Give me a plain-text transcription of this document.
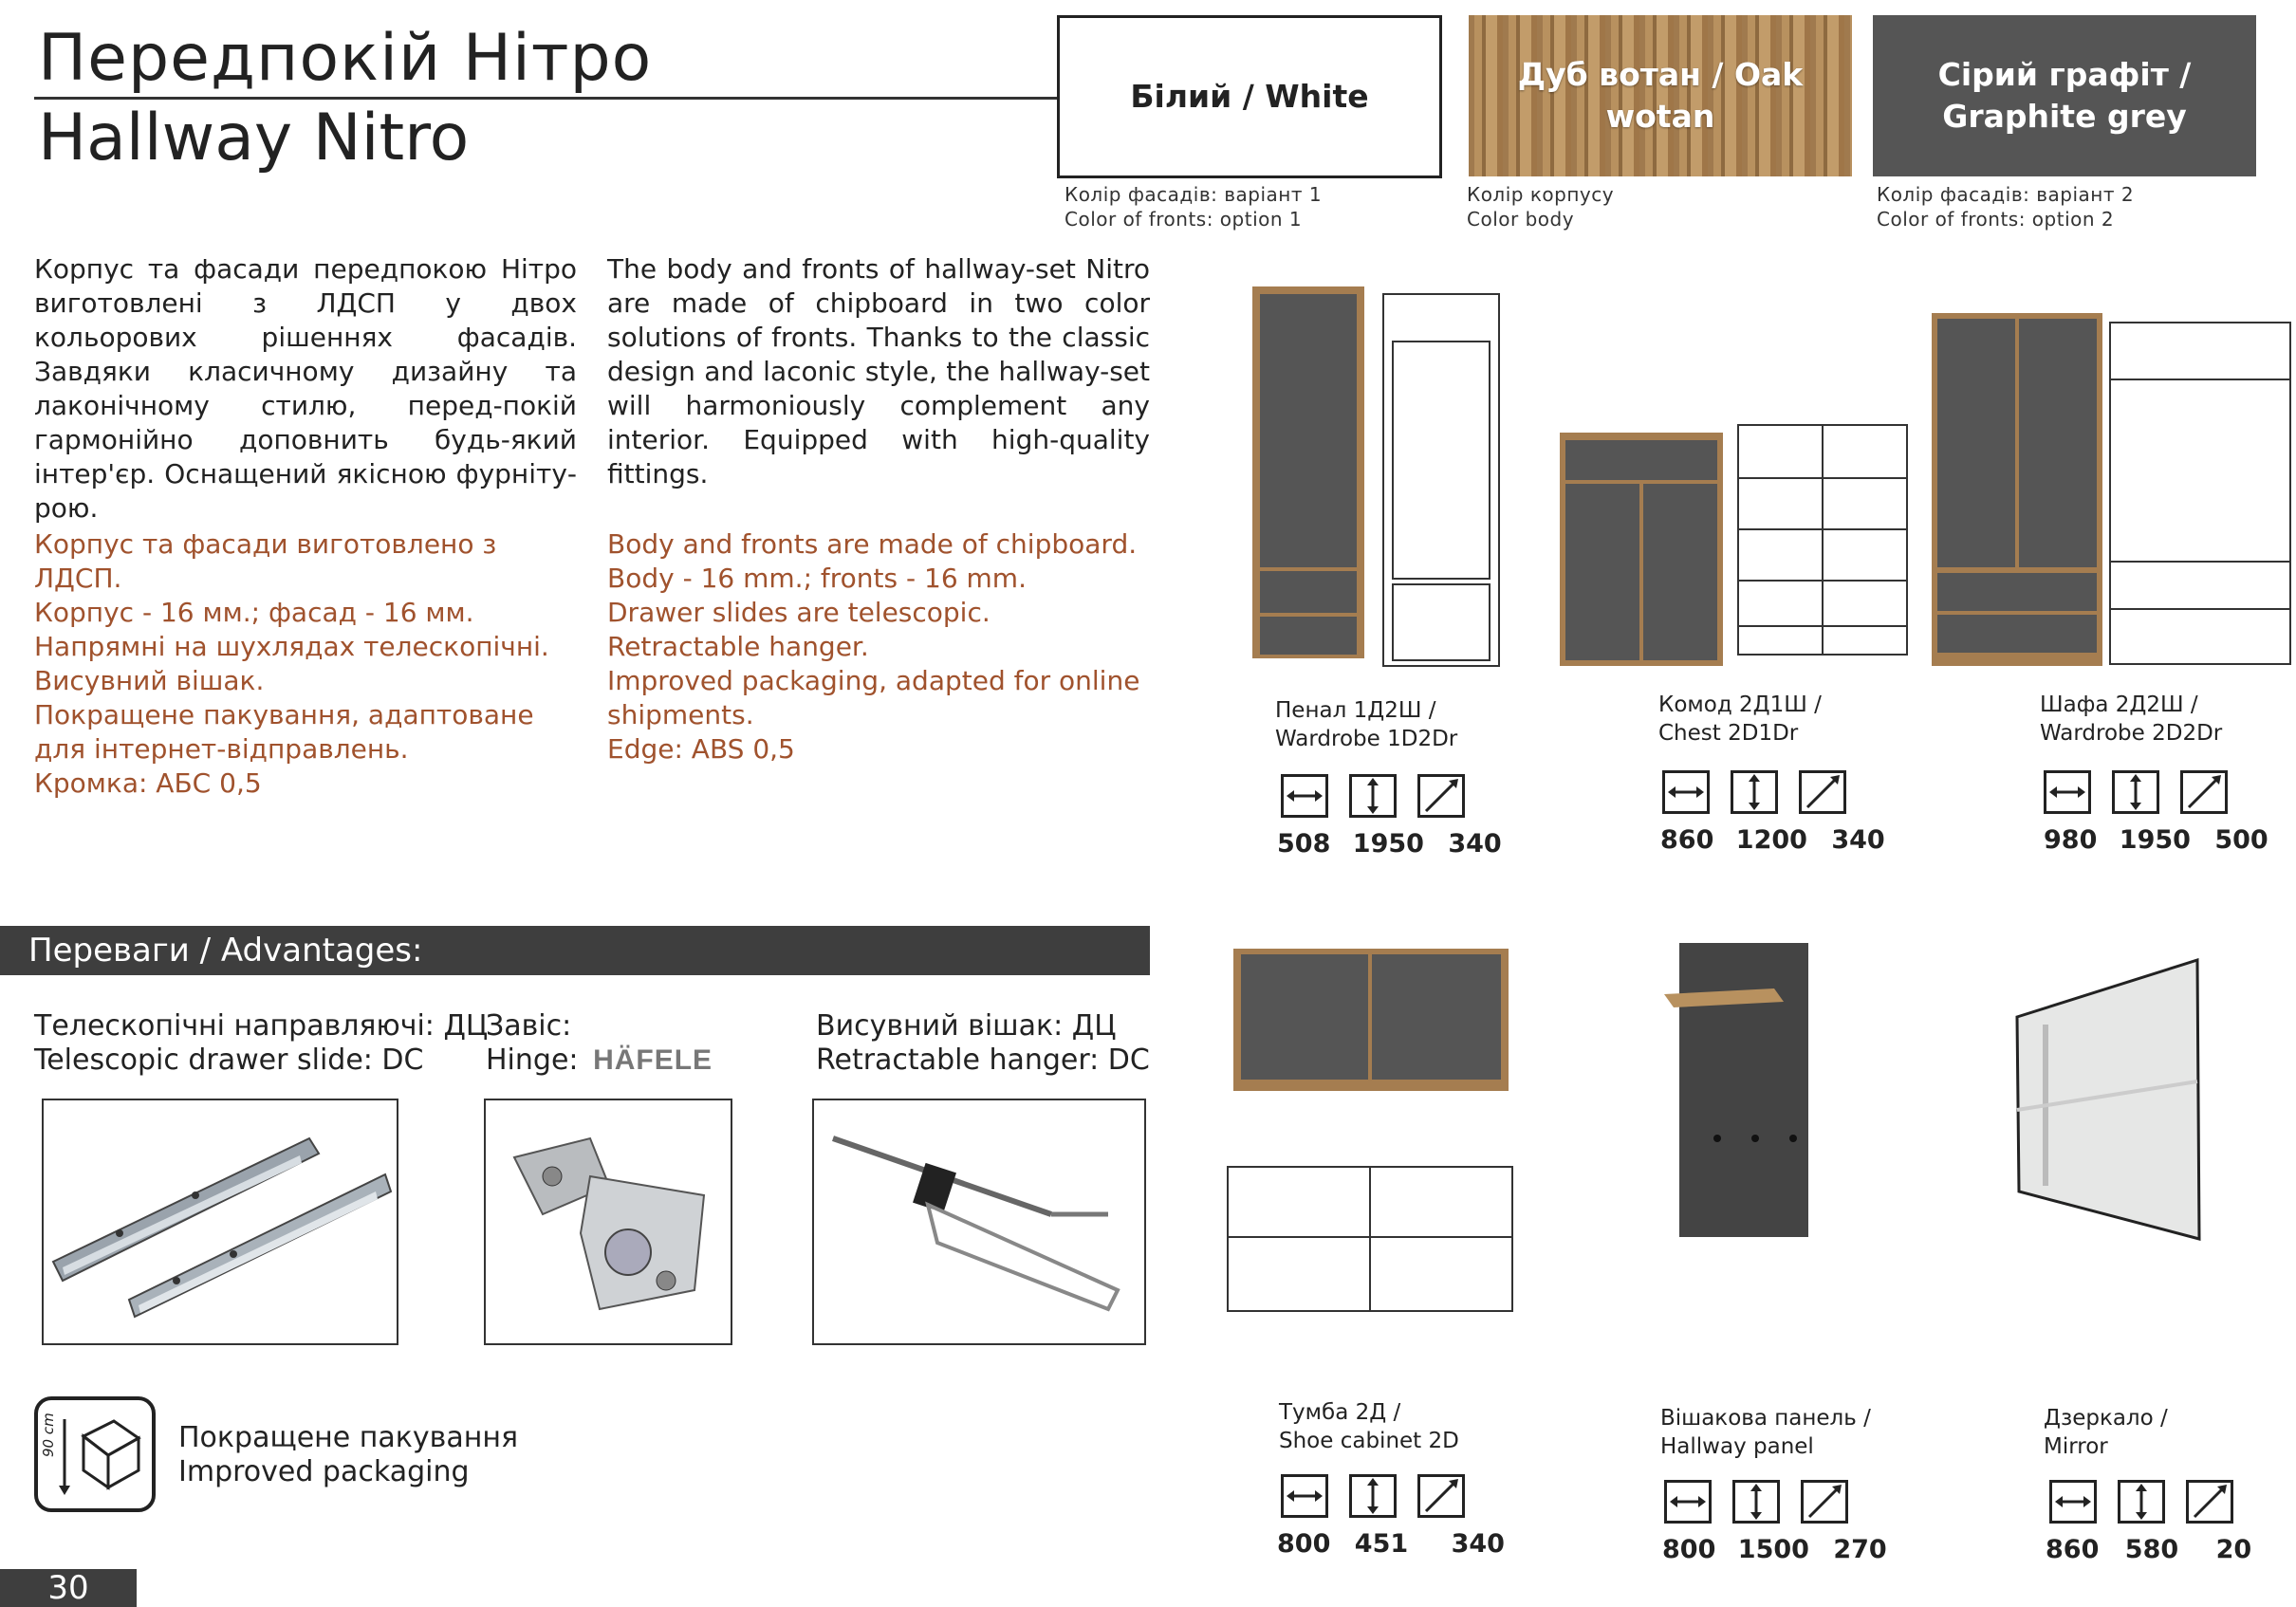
Передпокій Нітро
Hallway Nitro
Білий / White
Дуб вотан / Oak wotan
Сірий графіт /
Graphite grey
Колір фасадів: варіант 1
Color of fronts: option 1
Колір корпусу
Color body
Колір фасадів: варіант 2
Color of fronts: option 2
Корпус та фасади передпокою Нітро виготовлені з ЛДСП у двох кольорових рішеннях фасадів. Завдяки класичному дизайну та лаконічному стилю, перед-покій гармонійно доповнить будь-який інтер'єр. Оснащений якісною фурніту-рою.
The body and fronts of hallway-set Nitro are made of chipboard in two color solutions of fronts. Thanks to the classic design and laconic style, the hallway-set will harmoniously complement any interior. Equipped with high-quality fittings.
Корпус та фасади виготовлено з ЛДСП.
Корпус - 16 мм.; фасад - 16 мм.
Напрямні на шухлядах телескопічні.
Висувний вішак.
Покращене пакування, адаптоване для інтернет-відправлень.
Кромка: АБС 0,5
Body and fronts are made of chipboard.
Body - 16 mm.; fronts - 16 mm.
Drawer slides are telescopic.
Retractable hanger.
Improved packaging, adapted for online shipments.
Edge: ABS 0,5
Переваги / Advantages:
Телескопічні направляючі: ДЦ
Telescopic drawer slide: DC
Завіс:
Hinge: HÄFELE
Висувний вішак: ДЦ
Retractable hanger: DC
90 cm	Покращене пакування
Improved packaging
Пенал 1Д2Ш /
Wardrobe 1D2Dr
508 1950 340
Комод 2Д1Ш /
Chest 2D1Dr
860 1200 340
Шафа 2Д2Ш /
Wardrobe 2D2Dr
980 1950 500
Тумба 2Д /
Shoe cabinet 2D
800 451 340
Вішакова панель /
Hallway panel
800 1500 270
Дзеркало /
Mirror
860 580 20
30
